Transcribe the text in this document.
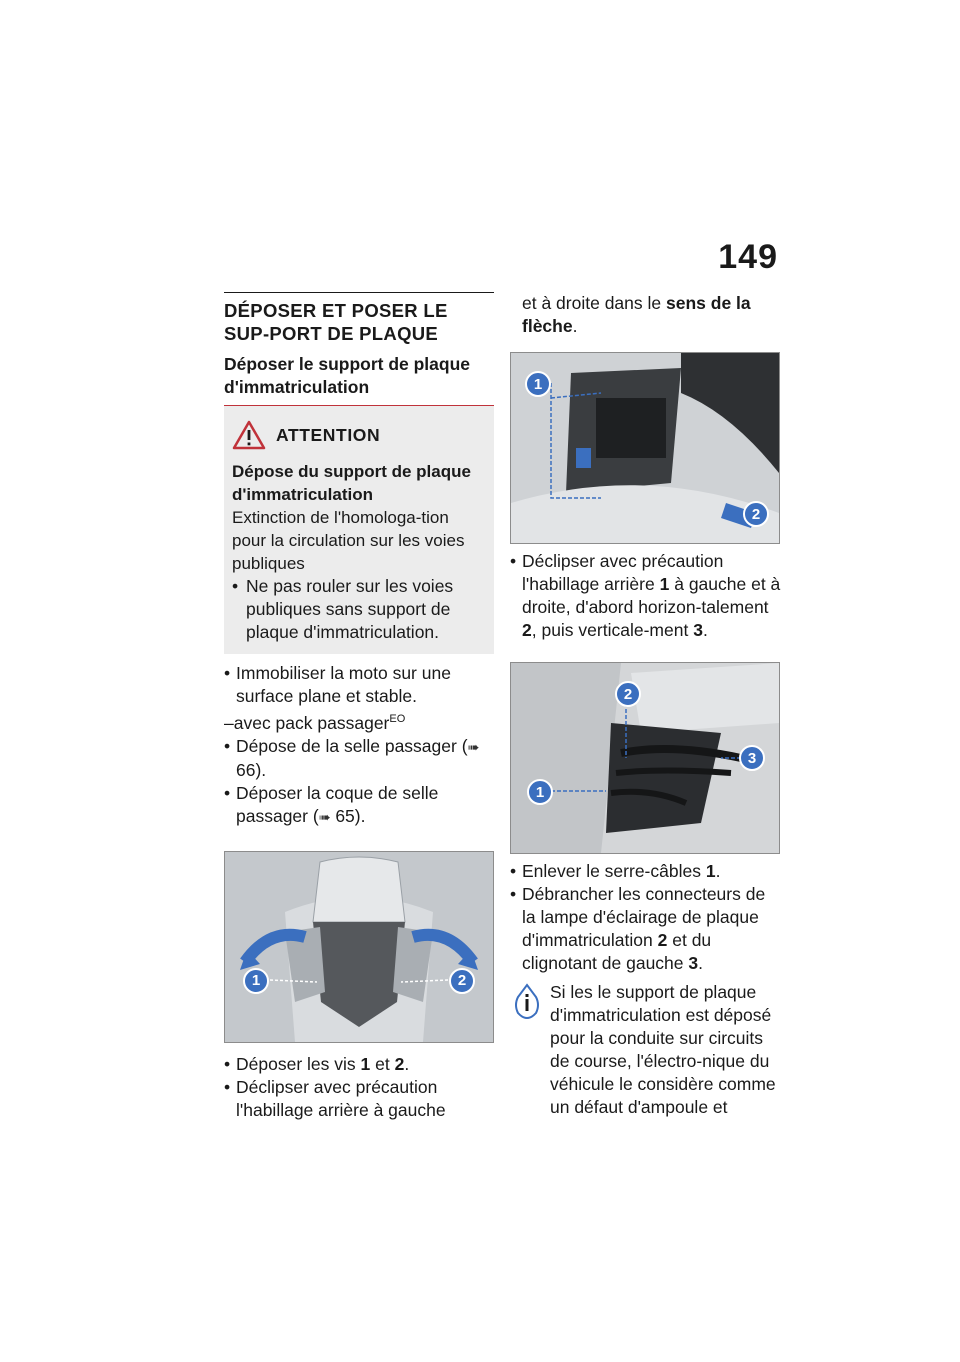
149
DÉPOSER ET POSER LE SUP-PORT DE PLAQUE
Déposer le support de plaque d'immatriculation
ATTENTION
Dépose du support de plaque d'immatriculation
Extinction de l'homologa-tion pour la circulation sur les voies publiques
• Ne pas rouler sur les voies publiques sans support de plaque d'immatriculation.
• Immobiliser la moto sur une surface plane et stable.
–avec pack passager$^{EO}$
• Dépose de la selle passager (➠ 66).
• Déposer la coque de selle passager (➠ 65).
1	2
• Déposer les vis 1 et 2.
• Déclipser avec précaution l'habillage arrière à gauche
et à droite dans le sens de la flèche.
1
2
• Déclipser avec précaution l'habillage arrière 1 à gauche et à droite, d'abord horizon-talement 2, puis verticale-ment 3.
2
3
1
• Enlever le serre-câbles 1.
• Débrancher les connecteurs de la lampe d'éclairage de plaque d'immatriculation 2 et du clignotant de gauche 3.
Si les le support de plaque d'immatriculation est déposé pour la conduite sur circuits de course, l'électro-nique du véhicule le considère comme un défaut d'ampoule et
